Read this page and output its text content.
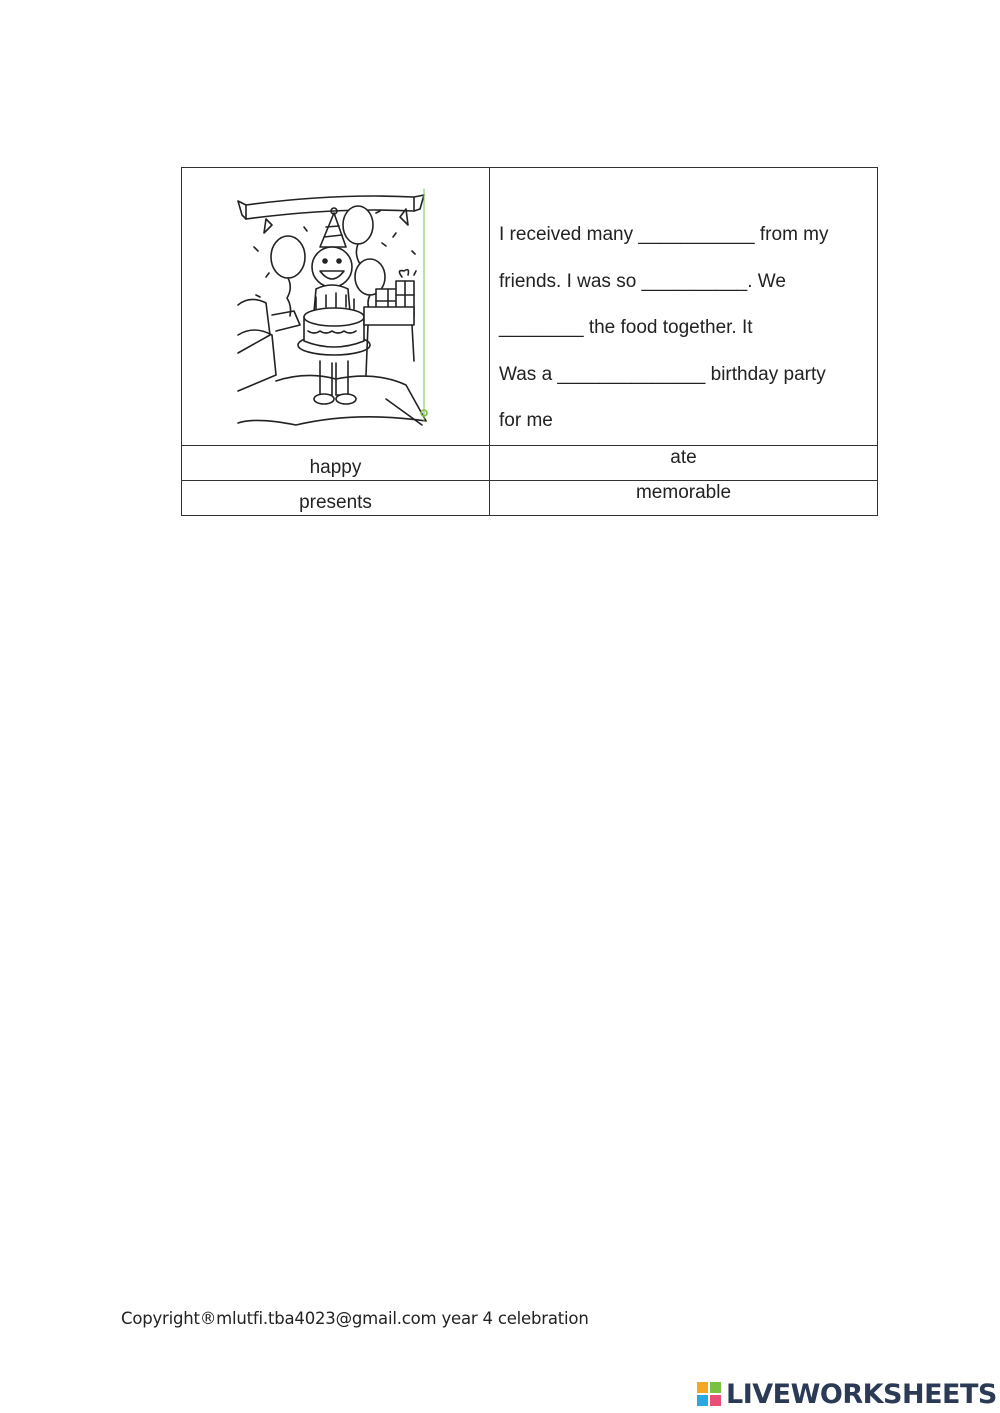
I received many ___________ from my
friends. I was so __________. We
________ the food together. It
Was a ______________ birthday party
for me

happy	ate
presents	memorable
Copyright®mlutfi.tba4023@gmail.com year 4 celebration
LIVEWORKSHEETS
